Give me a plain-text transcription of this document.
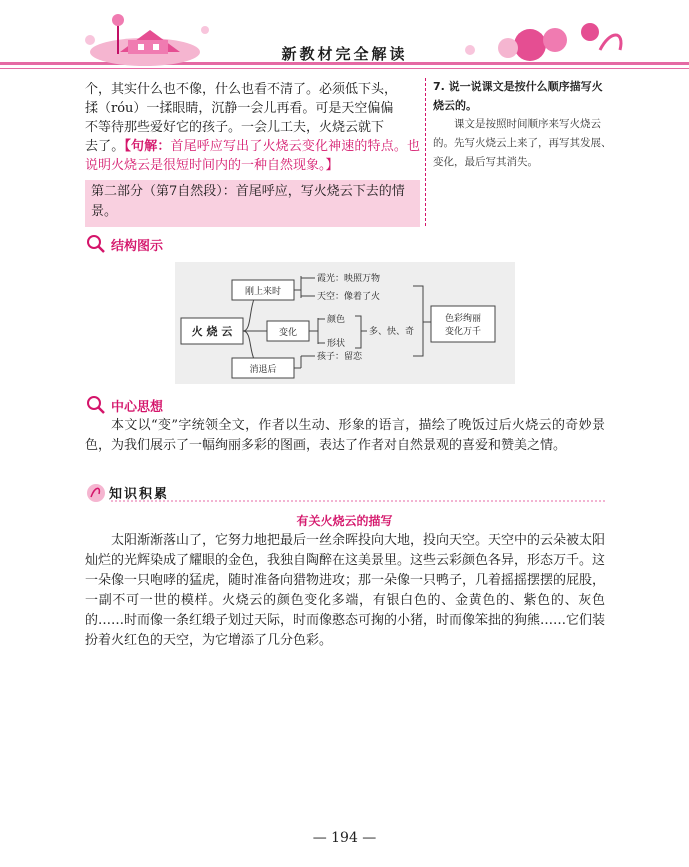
新教材完全解读

个，其实什么也不像，什么也看不清了。必须低下头，

揉（róu）一揉眼睛，沉静一会儿再看。可是天空偏偏

不等待那些爱好它的孩子。一会儿工夫，火烧云就下

去了。【句解：首尾呼应写出了火烧云变化神速的特点。也说明火烧云是很短时间内的一种自然现象。】

第二部分（第7自然段）：首尾呼应，写火烧云下去的情景。
7. 说一说课文是按什么顺序描写火烧云的。

课文是按照时间顺序来写火烧云的。先写火烧云上来了，再写其发展、变化，最后写其消失。

结构图示
火 烧 云
刚上来时
变化
消退后
霞光：映照万物
天空：像着了火
颜色
形状
多、快、奇
孩子：留恋
色彩绚丽
变化万千
中心思想

本文以“变”字统领全文，作者以生动、形象的语言，描绘了晚饭过后火烧云的奇妙景色，为我们展示了一幅绚丽多彩的图画，表达了作者对自然景观的喜爱和赞美之情。

知识积累
有关火烧云的描写

太阳渐渐落山了，它努力地把最后一丝余晖投向大地，投向天空。天空中的云朵被太阳灿烂的光辉染成了耀眼的金色，我独自陶醉在这美景里。这些云彩颜色各异，形态万千。这一朵像一只咆哮的猛虎，随时准备向猎物进攻；那一朵像一只鸭子，几着摇摇摆摆的屁股，一副不可一世的模样。火烧云的颜色变化多端，有银白色的、金黄色的、紫色的、灰色的……时而像一条红缎子划过天际，时而像憨态可掬的小猪，时而像笨拙的狗熊……它们装扮着火红色的天空，为它增添了几分色彩。

— 194 —
